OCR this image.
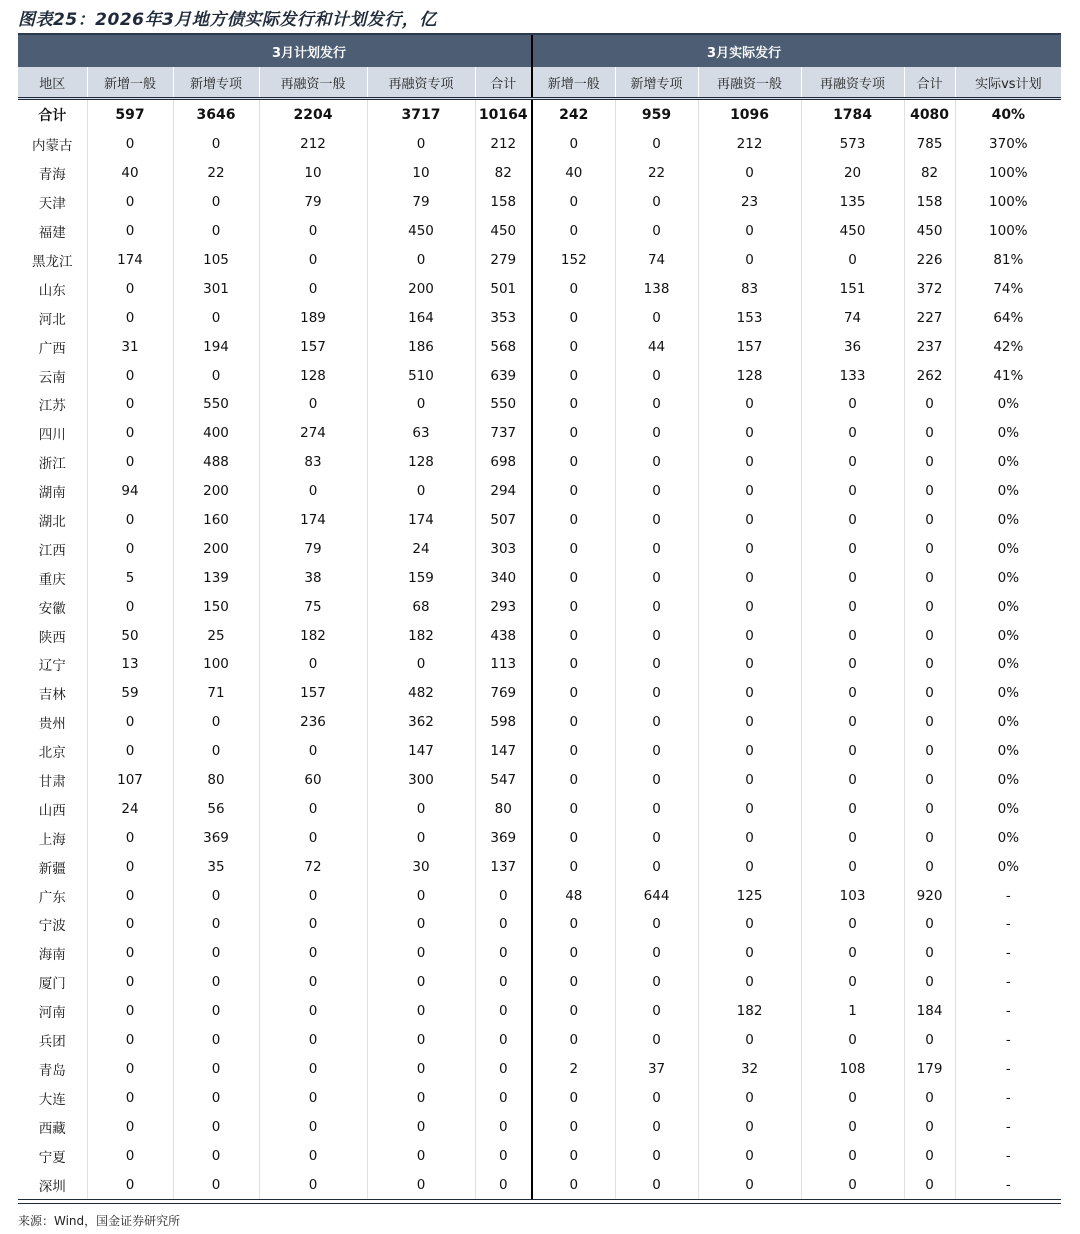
图表25：2026年3月地方债实际发行和计划发行，亿
	3月计划发行					3月实际发行					
地区	新增一般	新增专项	再融资一般	再融资专项	合计	新增一般	新增专项	再融资一般	再融资专项	合计	实际vs计划
合计	597	3646	2204	3717	10164	242	959	1096	1784	4080	40%
内蒙古	0	0	212	0	212	0	0	212	573	785	370%
青海	40	22	10	10	82	40	22	0	20	82	100%
天津	0	0	79	79	158	0	0	23	135	158	100%
福建	0	0	0	450	450	0	0	0	450	450	100%
黑龙江	174	105	0	0	279	152	74	0	0	226	81%
山东	0	301	0	200	501	0	138	83	151	372	74%
河北	0	0	189	164	353	0	0	153	74	227	64%
广西	31	194	157	186	568	0	44	157	36	237	42%
云南	0	0	128	510	639	0	0	128	133	262	41%
江苏	0	550	0	0	550	0	0	0	0	0	0%
四川	0	400	274	63	737	0	0	0	0	0	0%
浙江	0	488	83	128	698	0	0	0	0	0	0%
湖南	94	200	0	0	294	0	0	0	0	0	0%
湖北	0	160	174	174	507	0	0	0	0	0	0%
江西	0	200	79	24	303	0	0	0	0	0	0%
重庆	5	139	38	159	340	0	0	0	0	0	0%
安徽	0	150	75	68	293	0	0	0	0	0	0%
陕西	50	25	182	182	438	0	0	0	0	0	0%
辽宁	13	100	0	0	113	0	0	0	0	0	0%
吉林	59	71	157	482	769	0	0	0	0	0	0%
贵州	0	0	236	362	598	0	0	0	0	0	0%
北京	0	0	0	147	147	0	0	0	0	0	0%
甘肃	107	80	60	300	547	0	0	0	0	0	0%
山西	24	56	0	0	80	0	0	0	0	0	0%
上海	0	369	0	0	369	0	0	0	0	0	0%
新疆	0	35	72	30	137	0	0	0	0	0	0%
广东	0	0	0	0	0	48	644	125	103	920	-
宁波	0	0	0	0	0	0	0	0	0	0	-
海南	0	0	0	0	0	0	0	0	0	0	-
厦门	0	0	0	0	0	0	0	0	0	0	-
河南	0	0	0	0	0	0	0	182	1	184	-
兵团	0	0	0	0	0	0	0	0	0	0	-
青岛	0	0	0	0	0	2	37	32	108	179	-
大连	0	0	0	0	0	0	0	0	0	0	-
西藏	0	0	0	0	0	0	0	0	0	0	-
宁夏	0	0	0	0	0	0	0	0	0	0	-
深圳	0	0	0	0	0	0	0	0	0	0	-
来源：Wind，国金证券研究所
